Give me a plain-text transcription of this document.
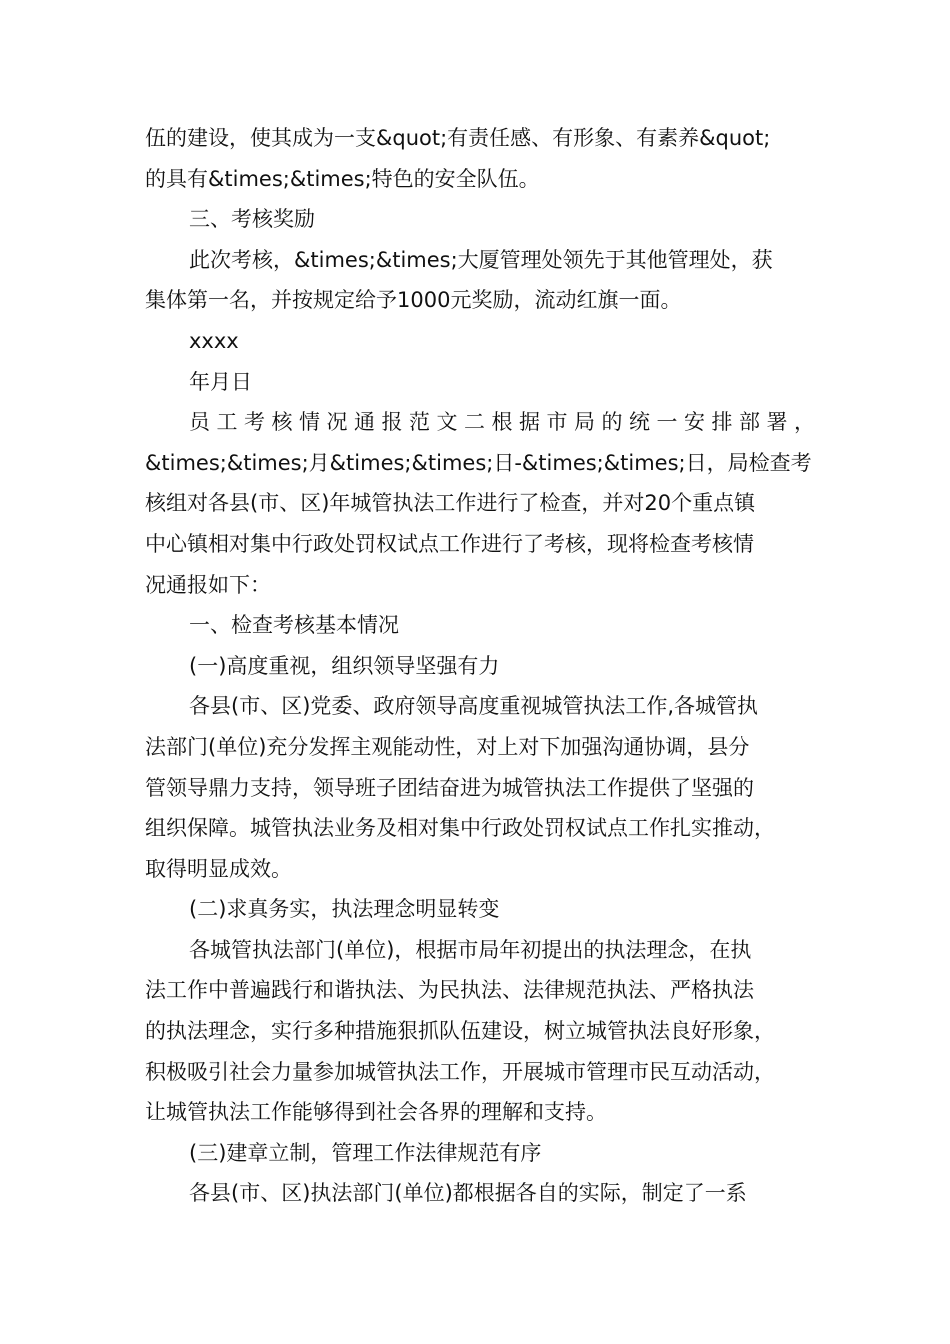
伍的建设，使其成为一支&quot;有责任感、有形象、有素养&quot;
的具有&times;&times;特色的安全队伍。
三、考核奖励
此次考核，&times;&times;大厦管理处领先于其他管理处，获
集体第一名，并按规定给予1000元奖励，流动红旗一面。
xxxx
年月日
员工考核情况通报范文二根据市局的统一安排部署，
&times;&times;月&times;&times;日-&times;&times;日，局检查考
核组对各县(市、区)年城管执法工作进行了检查，并对20个重点镇
中心镇相对集中行政处罚权试点工作进行了考核，现将检查考核情
况通报如下：
一、检查考核基本情况
(一)高度重视，组织领导坚强有力
各县(市、区)党委、政府领导高度重视城管执法工作,各城管执
法部门(单位)充分发挥主观能动性，对上对下加强沟通协调，县分
管领导鼎力支持，领导班子团结奋进为城管执法工作提供了坚强的
组织保障。城管执法业务及相对集中行政处罚权试点工作扎实推动，
取得明显成效。
(二)求真务实，执法理念明显转变
各城管执法部门(单位)，根据市局年初提出的执法理念，在执
法工作中普遍践行和谐执法、为民执法、法律规范执法、严格执法
的执法理念，实行多种措施狠抓队伍建设，树立城管执法良好形象，
积极吸引社会力量参加城管执法工作，开展城市管理市民互动活动，
让城管执法工作能够得到社会各界的理解和支持。
(三)建章立制，管理工作法律规范有序
各县(市、区)执法部门(单位)都根据各自的实际，制定了一系
